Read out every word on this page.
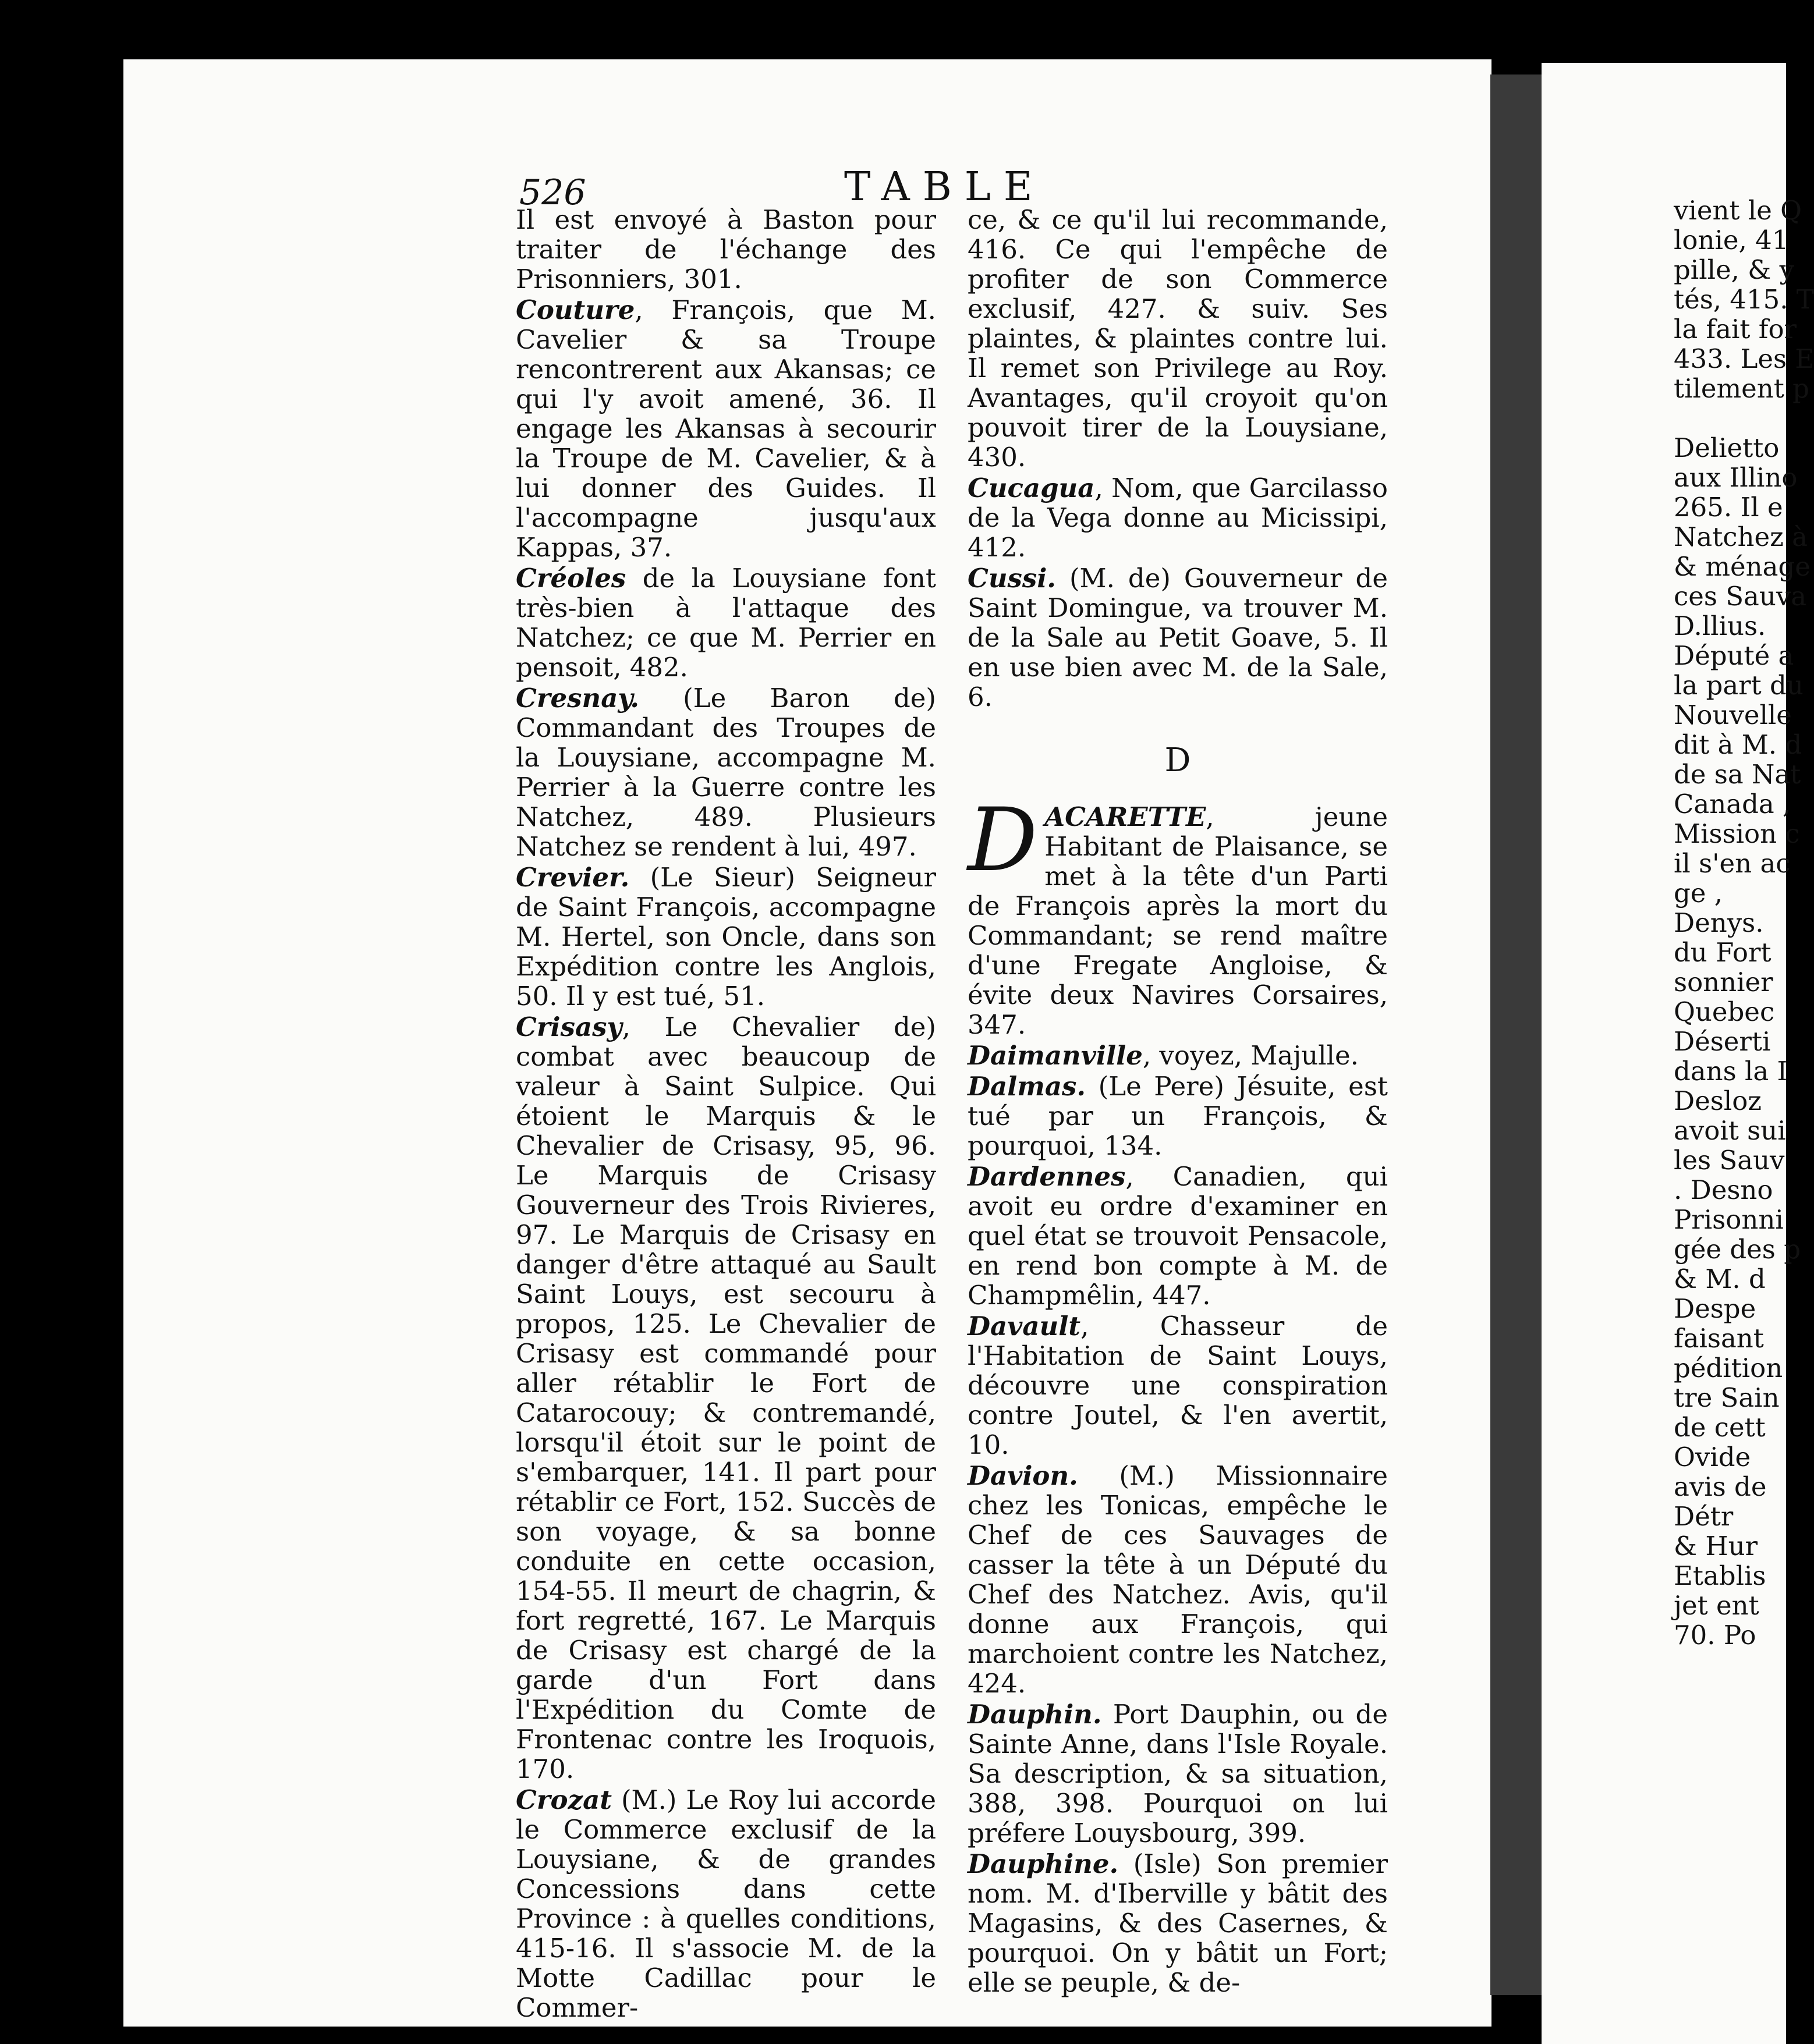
ↄ
ʒ	ʒ
526	TABLE

Il est envoyé à Baston pour traiter de l'échange des Prisonniers, 301.

Couture, François, que M. Cavelier & sa Troupe rencontrerent aux Akansas; ce qui l'y avoit amené, 36. Il engage les Akansas à secourir la Troupe de M. Cavelier, & à lui donner des Guides. Il l'accompagne jusqu'aux Kappas, 37.

Créoles de la Louysiane font très-bien à l'attaque des Natchez; ce que M. Perrier en pensoit, 482.

Cresnay. (Le Baron de) Commandant des Troupes de la Louysiane, accompagne M. Perrier à la Guerre contre les Natchez, 489. Plusieurs Natchez se rendent à lui, 497.

Crevier. (Le Sieur) Seigneur de Saint François, accompagne M. Hertel, son Oncle, dans son Expédition contre les Anglois, 50. Il y est tué, 51.

Crisasy, Le Chevalier de) combat avec beaucoup de valeur à Saint Sulpice. Qui étoient le Marquis & le Chevalier de Crisasy, 95, 96. Le Marquis de Crisasy Gouverneur des Trois Rivieres, 97. Le Marquis de Crisasy en danger d'être attaqué au Sault Saint Louys, est secouru à propos, 125. Le Chevalier de Crisasy est commandé pour aller rétablir le Fort de Catarocouy; & contremandé, lorsqu'il étoit sur le point de s'embarquer, 141. Il part pour rétablir ce Fort, 152. Succès de son voyage, & sa bonne conduite en cette occasion, 154-55. Il meurt de chagrin, & fort regretté, 167. Le Marquis de Crisasy est chargé de la garde d'un Fort dans l'Expédition du Comte de Frontenac contre les Iroquois, 170.

Crozat (M.) Le Roy lui accorde le Commerce exclusif de la Louysiane, & de grandes Concessions dans cette Province : à quelles conditions, 415-16. Il s'associe M. de la Motte Cadillac pour le Commer-

ce, & ce qu'il lui recommande, 416. Ce qui l'empêche de profiter de son Commerce exclusif, 427. & suiv. Ses plaintes, & plaintes contre lui. Il remet son Privilege au Roy. Avantages, qu'il croyoit qu'on pouvoit tirer de la Louysiane, 430.

Cucagua, Nom, que Garcilasso de la Vega donne au Micissipi, 412.

Cussi. (M. de) Gouverneur de Saint Domingue, va trouver M. de la Sale au Petit Goave, 5. Il en use bien avec M. de la Sale, 6.

D

DACARETTE, jeune Habitant de Plaisance, se met à la tête d'un Parti de François après la mort du Commandant; se rend maître d'une Fregate Angloise, & évite deux Navires Corsaires, 347.

Daimanville, voyez, Majulle.

Dalmas. (Le Pere) Jésuite, est tué par un François, & pourquoi, 134.

Dardennes, Canadien, qui avoit eu ordre d'examiner en quel état se trouvoit Pensacole, en rend bon compte à M. de Champmêlin, 447.

Davault, Chasseur de l'Habitation de Saint Louys, découvre une conspiration contre Joutel, & l'en avertit, 10.

Davion. (M.) Missionnaire chez les Tonicas, empêche le Chef de ces Sauvages de casser la tête à un Député du Chef des Natchez. Avis, qu'il donne aux François, qui marchoient contre les Natchez, 424.

Dauphin. Port Dauphin, ou de Sainte Anne, dans l'Isle Royale. Sa description, & sa situation, 388, 398. Pourquoi on lui préfere Louysbourg, 399.

Dauphine. (Isle) Son premier nom. M. d'Iberville y bâtit des Magasins, & des Casernes, & pourquoi. On y bâtit un Fort; elle se peuple, & de-

vient le Q
lonie, 41
pille, & y
tés, 415. T
la fait for
433. Les E
tilement p

Delietto
aux Illino
265. Il e
Natchez à
& ménage
ces Sauva
D.llius.
Député a
la part du
Nouvelle
dit à M. d
de sa Nat
Canada ,
Mission c
il s'en ac
ge ,
Denys.
du Fort
sonnier
Quebec
Déserti
dans la I
Desloz
avoit sui
les Sauv
. Desno
Prisonni
gée des p
& M. d
Despe
faisant
pédition
tre Sain
de cett
Ovide
avis de
Détr
& Hur
Etablis
jet ent
70. Po
